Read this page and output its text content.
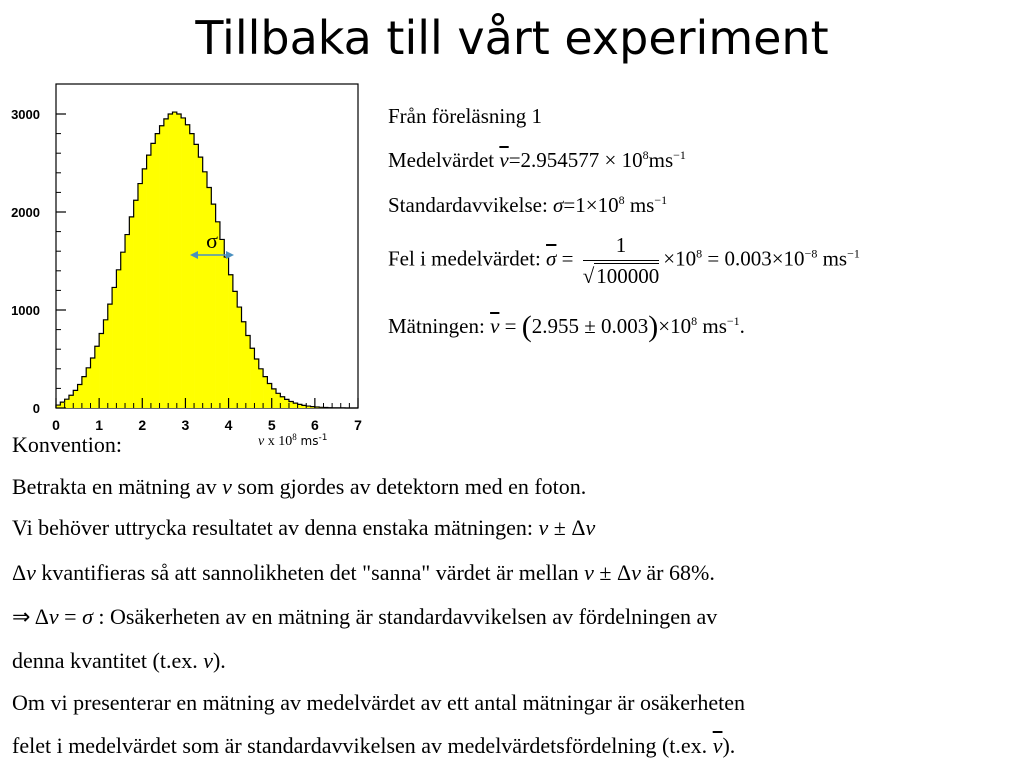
Tillbaka till vårt experiment
0
1000
2000
3000
0	1	2	3	4	5	6	7
σ
v x $10^8$ $ms^{-1}$
Från föreläsning 1
Medelvärdet $\overline{v}=2.954577 \times 10^8ms^{-1}$
Standardavvikelse: $\sigma=1\times 10^8$ $ms^{-1}$
Fel i medelvärdet: $\overline{\sigma} = \frac{1}{√100000} \times 10^8 = 0.003\times 10^{-8}$ $ms^{-1}$
Mätningen: $\overline{v} = (2.955 \pm 0.003)\times 10^8$ $ms^{-1}$.
Konvention:
Betrakta en mätning av v som gjordes av detektorn med en foton.
Vi behöver uttrycka resultatet av denna enstaka mätningen: v ± Δv
Δv kvantifieras så att sannolikheten det "sanna" värdet är mellan v ± Δv är 68%.
⇒ Δv = σ : Osäkerheten av en mätning är standardavvikelsen av fördelningen av
denna kvantitet (t.ex. v).
Om vi presenterar en mätning av medelvärdet av ett antal mätningar är osäkerheten
felet i medelvärdet som är standardavvikelsen av medelvärdetsfördelning (t.ex. $\overline{v}$).
